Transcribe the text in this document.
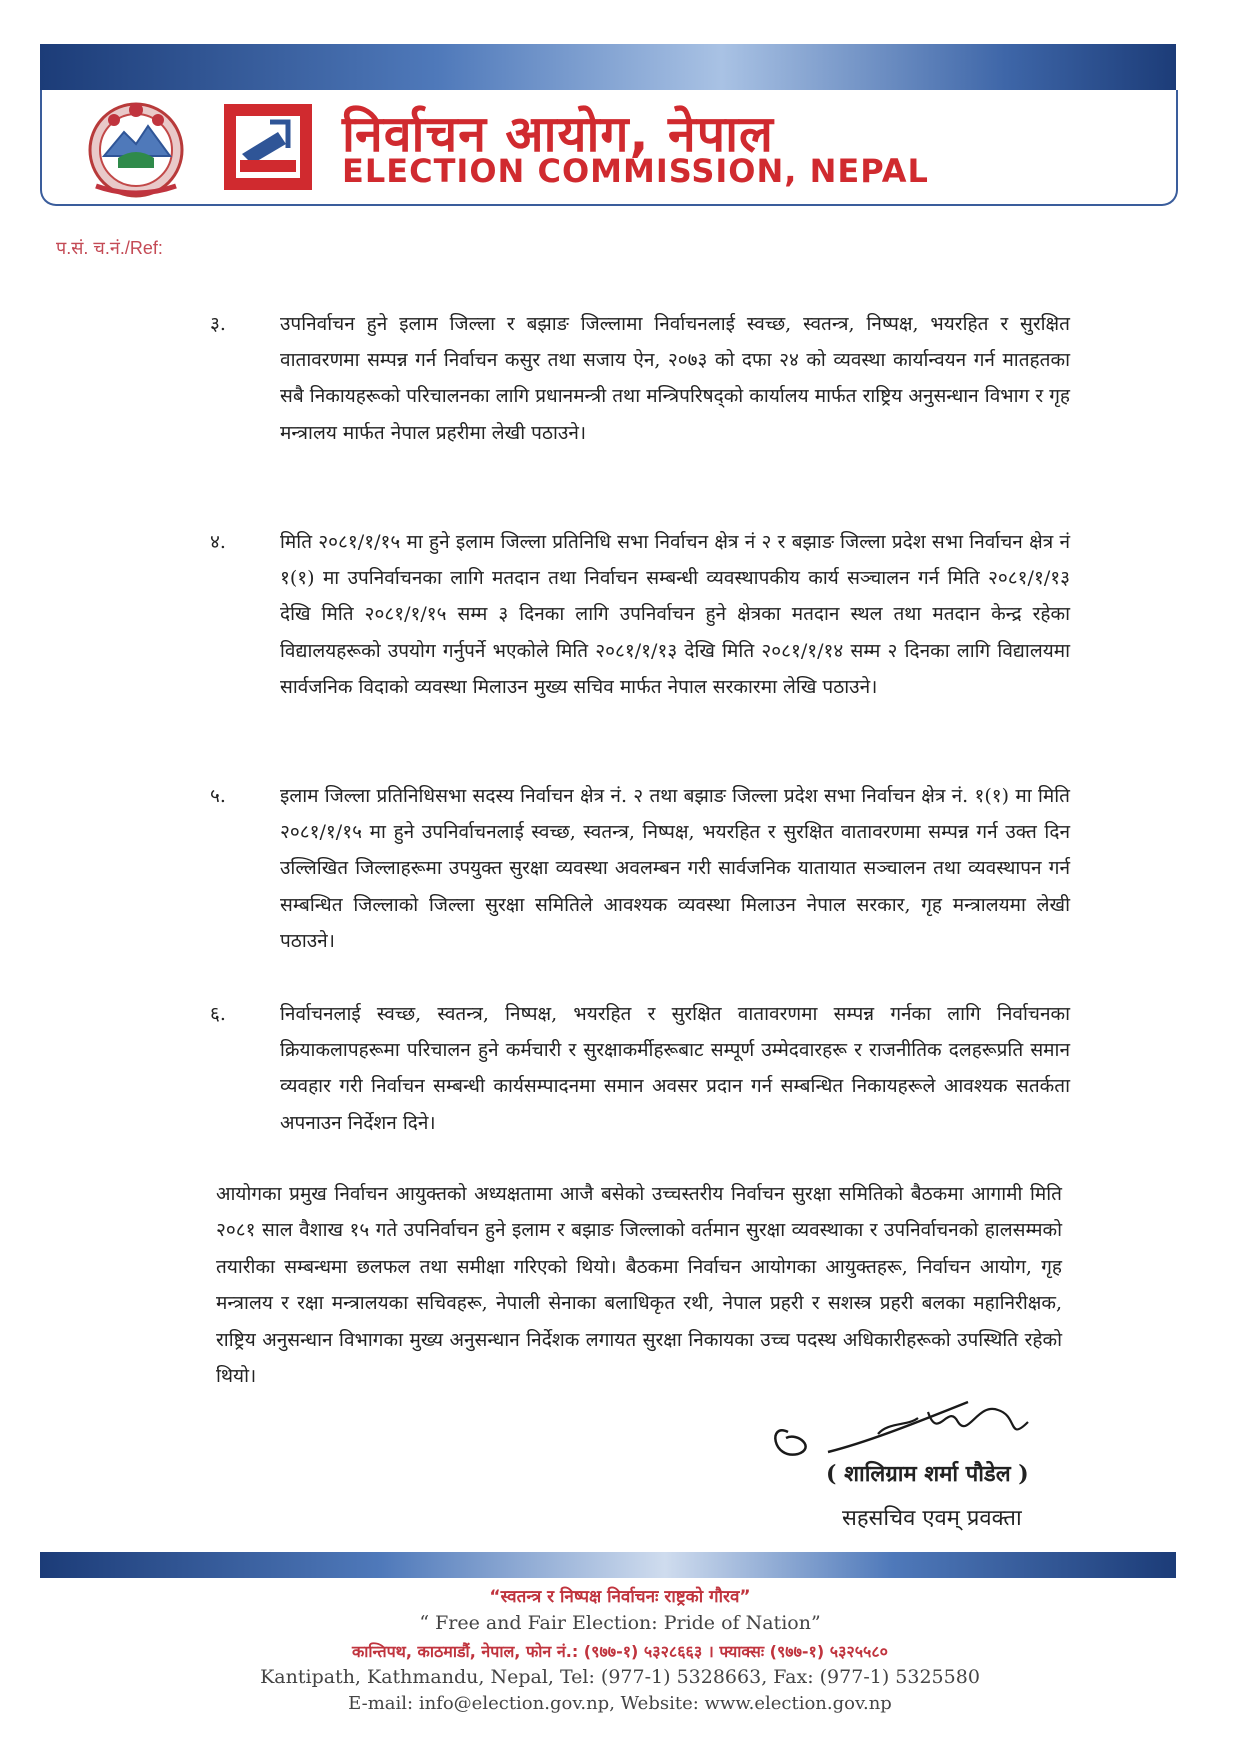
निर्वाचन आयोग, नेपाल
ELECTION COMMISSION, NEPAL
प.सं. च.नं./Ref:
३.	उपनिर्वाचन हुने इलाम जिल्ला र बझाङ जिल्लामा निर्वाचनलाई स्वच्छ, स्वतन्त्र, निष्पक्ष, भयरहित र सुरक्षित वातावरणमा सम्पन्न गर्न निर्वाचन कसुर तथा सजाय ऐन, २०७३ को दफा २४ को व्यवस्था कार्यान्वयन गर्न मातहतका सबै निकायहरूको परिचालनका लागि प्रधानमन्त्री तथा मन्त्रिपरिषद्को कार्यालय मार्फत राष्ट्रिय अनुसन्धान विभाग र गृह मन्त्रालय मार्फत नेपाल प्रहरीमा लेखी पठाउने।
४.	मिति २०८१/१/१५ मा हुने इलाम जिल्ला प्रतिनिधि सभा निर्वाचन क्षेत्र नं २ र बझाङ जिल्ला प्रदेश सभा निर्वाचन क्षेत्र नं १(१) मा उपनिर्वाचनका लागि मतदान तथा निर्वाचन सम्बन्धी व्यवस्थापकीय कार्य सञ्चालन गर्न मिति २०८१/१/१३ देखि मिति २०८१/१/१५ सम्म ३ दिनका लागि उपनिर्वाचन हुने क्षेत्रका मतदान स्थल तथा मतदान केन्द्र रहेका विद्यालयहरूको उपयोग गर्नुपर्ने भएकोले मिति २०८१/१/१३ देखि मिति २०८१/१/१४ सम्म २ दिनका लागि विद्यालयमा सार्वजनिक विदाको व्यवस्था मिलाउन मुख्य सचिव मार्फत नेपाल सरकारमा लेखि पठाउने।
५.	इलाम जिल्ला प्रतिनिधिसभा सदस्य निर्वाचन क्षेत्र नं. २ तथा बझाङ जिल्ला प्रदेश सभा निर्वाचन क्षेत्र नं. १(१) मा मिति २०८१/१/१५ मा हुने उपनिर्वाचनलाई स्वच्छ, स्वतन्त्र, निष्पक्ष, भयरहित र सुरक्षित वातावरणमा सम्पन्न गर्न उक्त दिन उल्लिखित जिल्लाहरूमा उपयुक्त सुरक्षा व्यवस्था अवलम्बन गरी सार्वजनिक यातायात सञ्चालन तथा व्यवस्थापन गर्न सम्बन्धित जिल्लाको जिल्ला सुरक्षा समितिले आवश्यक व्यवस्था मिलाउन नेपाल सरकार, गृह मन्त्रालयमा लेखी पठाउने।
६.	निर्वाचनलाई स्वच्छ, स्वतन्त्र, निष्पक्ष, भयरहित र सुरक्षित वातावरणमा सम्पन्न गर्नका लागि निर्वाचनका क्रियाकलापहरूमा परिचालन हुने कर्मचारी र सुरक्षाकर्मीहरूबाट सम्पूर्ण उम्मेदवारहरू र राजनीतिक दलहरूप्रति समान व्यवहार गरी निर्वाचन सम्बन्धी कार्यसम्पादनमा समान अवसर प्रदान गर्न सम्बन्धित निकायहरूले आवश्यक सतर्कता अपनाउन निर्देशन दिने।
आयोगका प्रमुख निर्वाचन आयुक्तको अध्यक्षतामा आजै बसेको उच्चस्तरीय निर्वाचन सुरक्षा समितिको बैठकमा आगामी मिति २०८१ साल वैशाख १५ गते उपनिर्वाचन हुने इलाम र बझाङ जिल्लाको वर्तमान सुरक्षा व्यवस्थाका र उपनिर्वाचनको हालसम्मको तयारीका सम्बन्धमा छलफल तथा समीक्षा गरिएको थियो। बैठकमा निर्वाचन आयोगका आयुक्तहरू, निर्वाचन आयोग, गृह मन्त्रालय र रक्षा मन्त्रालयका सचिवहरू, नेपाली सेनाका बलाधिकृत रथी, नेपाल प्रहरी र सशस्त्र प्रहरी बलका महानिरीक्षक, राष्ट्रिय अनुसन्धान विभागका मुख्य अनुसन्धान निर्देशक लगायत सुरक्षा निकायका उच्च पदस्थ अधिकारीहरूको उपस्थिति रहेको थियो।
( शालिग्राम शर्मा पौडेल )
सहसचिव एवम् प्रवक्ता
“स्वतन्त्र र निष्पक्ष निर्वाचनः राष्ट्रको गौरव”
“ Free and Fair Election: Pride of Nation”
कान्तिपथ, काठमाडौं, नेपाल, फोन नं.: (९७७-१) ५३२८६६३ । फ्याक्सः (९७७-१) ५३२५५८०
Kantipath, Kathmandu, Nepal, Tel: (977-1) 5328663, Fax: (977-1) 5325580
E-mail: info@election.gov.np, Website: www.election.gov.np
